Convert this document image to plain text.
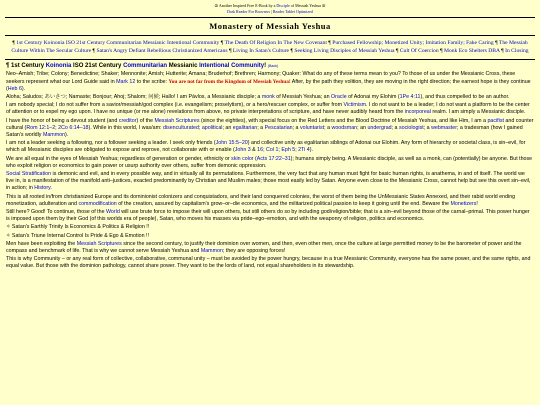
☮ Another Inspired Free E-Book by a Disciple of Messiah Yeshua ☮
Dark Reader For Browsers | Reader Tablet Optimized
Monastery of Messiah Yeshua
¶ 1st Century Koinonia ISO 21st Century Communitarian Messianic Intentional Community ¶ The Death Of Religion In The New Covenant ¶ Purchased Fellowship; Monetized Unity; Imitation Family; Fake Caring ¶ The Messiah Culture Within The Secular Culture ¶ Satan's Angry Defiant Rebellious Christianized Americans ¶ Living In Satan's Culture ¶ Seeking Living Disciples of Messiah Yeshua ¶ Cult Of Coercion ¶ Monk Eco Shelters DBA ¶ In Closing

¶ 1st Century Koinonia ISO 21st Century Communitarian Messianic Intentional Community! (Back)

Neo–Amish; Tribe; Colony; Benedictine; Shaker; Mennonite; Amish; Hutterite; Amana; Bruderhof; Brethren; Harmony; Quaker: What do any of these terms mean to you? To those of us under the Messianic Cross, these seekers represent what our Lord Guide said in Mark 12 to the scribe: You are not far from the Kingdom of Messiah Yeshua! After, by the path they volition, they are moving in the right direction; the earnest hope is they continue (Heb 6).

Aloha; Saludos; あいさつ; Namaste; Bonjour; Ahoj; Shalom; 问候; Hallo! I am Pávlos, a Messianic disciple; a monk of Messiah Yeshua; an Oracle of Adonai my Elohim (1Pe 4:11), and thus compelled to be an author.

I am nobody special; I do not suffer from a savior/messiah/god complex (i.e. evangelism; proselytism), or a hero/rescuer complex, or suffer from Victimism. I do not want to be a leader; I do not want a platform to be the center of attention or to expel my ego upon. I have no unique (or me alone) revelations from above, no private interpretations of scripture, and have never audibly heard from the incorporeal realm. I am simply a Messianic disciple.

I have the honor of being a devout student (and creditor) of the Messiah Scriptures (since the eighties), with special focus on the Red Letters and the Blood Doctrine of Messiah Yeshua, and like Him, I am a pacifist and counter cultural (Rom 12:1–2; 2Co 6:14–18). While in this world, I was/am: disenculturated; apolitical; an egalitarian; a Pescatarian; a voluntarist; a woodsman; an undergrad; a sociologist; a webmaster; a tradesman (how I gained Satan's worldly Mammon).

I am not a leader seeking a following, nor a follower seeking a leader. I seek only friends (John 15:5–20) and collective unity as egalitarian siblings of Adonai our Elohim. Any form of hierarchy or societal class, is sin–evil, for which all Messianic disciples are obligated to expose and reprove, not collaborate with or enable (John 3 & 16; Col 1; Eph 5; 2Ti 4).

We are all equal in the eyes of Messiah Yeshua; regardless of generation or gender, ethnicity or skin color (Acts 17:22–31); humans simply being. A Messianic disciple, as well as a monk, can (potentially) be anyone. But those who exploit religion or economics to gain power or usurp authority over others, suffer from demonic oppression.

Social Stratification is demonic and evil, and in every possible way, and in virtually all its permutations. Furthermore, the very fact that any human must fight for basic human rights, is anathema, in and of itself. The world we live in, is a manifestation of the manifold anti–justices, exacted predominantly by Christian and Muslim males; those most easily led by Satan. Anyone even close to the Messianic Cross, cannot help but see this overt sin–evil, in action; in History.

This is all rooted in/from christianized Europe and its dominionist colonizers and conquistadors, and their land conquered colonies, the worst of them being the UnMessianic States Annexed, and their rabid world ending monetization, adulteration and commodification of the creation, assured by capitalism's grow–or–die economics, and the militarized political passion to keep it going until the end. Beware the Monetizers!

Still here? Good! To continue, those of the World will use brute force to impose their will upon others, but still others do so by including god/religion/bible; that is a sin–evil beyond those of the carnal–primal. This power hunger is imposed upon them by their God (of this worlds era of people), Satan, who moves his masses via pride–ego–emotion, and with the weaponry of religion, politics and economics.

✧ Satan's Earthly Trinity Is Economics & Politics & Religion !!

✧ Satan's Triune Internal Control Is Pride & Ego & Emotion !!

Men have been exploiting the Messiah Scriptures since the second century, to justify their dominion over women, and then, even other men, once the culture at large permitted money to be the barometer of power and the compass and benchmark of life. That is why we cannot serve Messiah Yeshua and Mammon; they are opposing forces!

This is why Community – or any real form of collective, collaborative, communal unity – must be avoided by the power hungry, because in a true Messianic Community, everyone has the same power, and the same rights, and equal value. But those with the dominion pathology, cannot share power. They want to be the lords of land, not equal shareholders in its stewardship.
